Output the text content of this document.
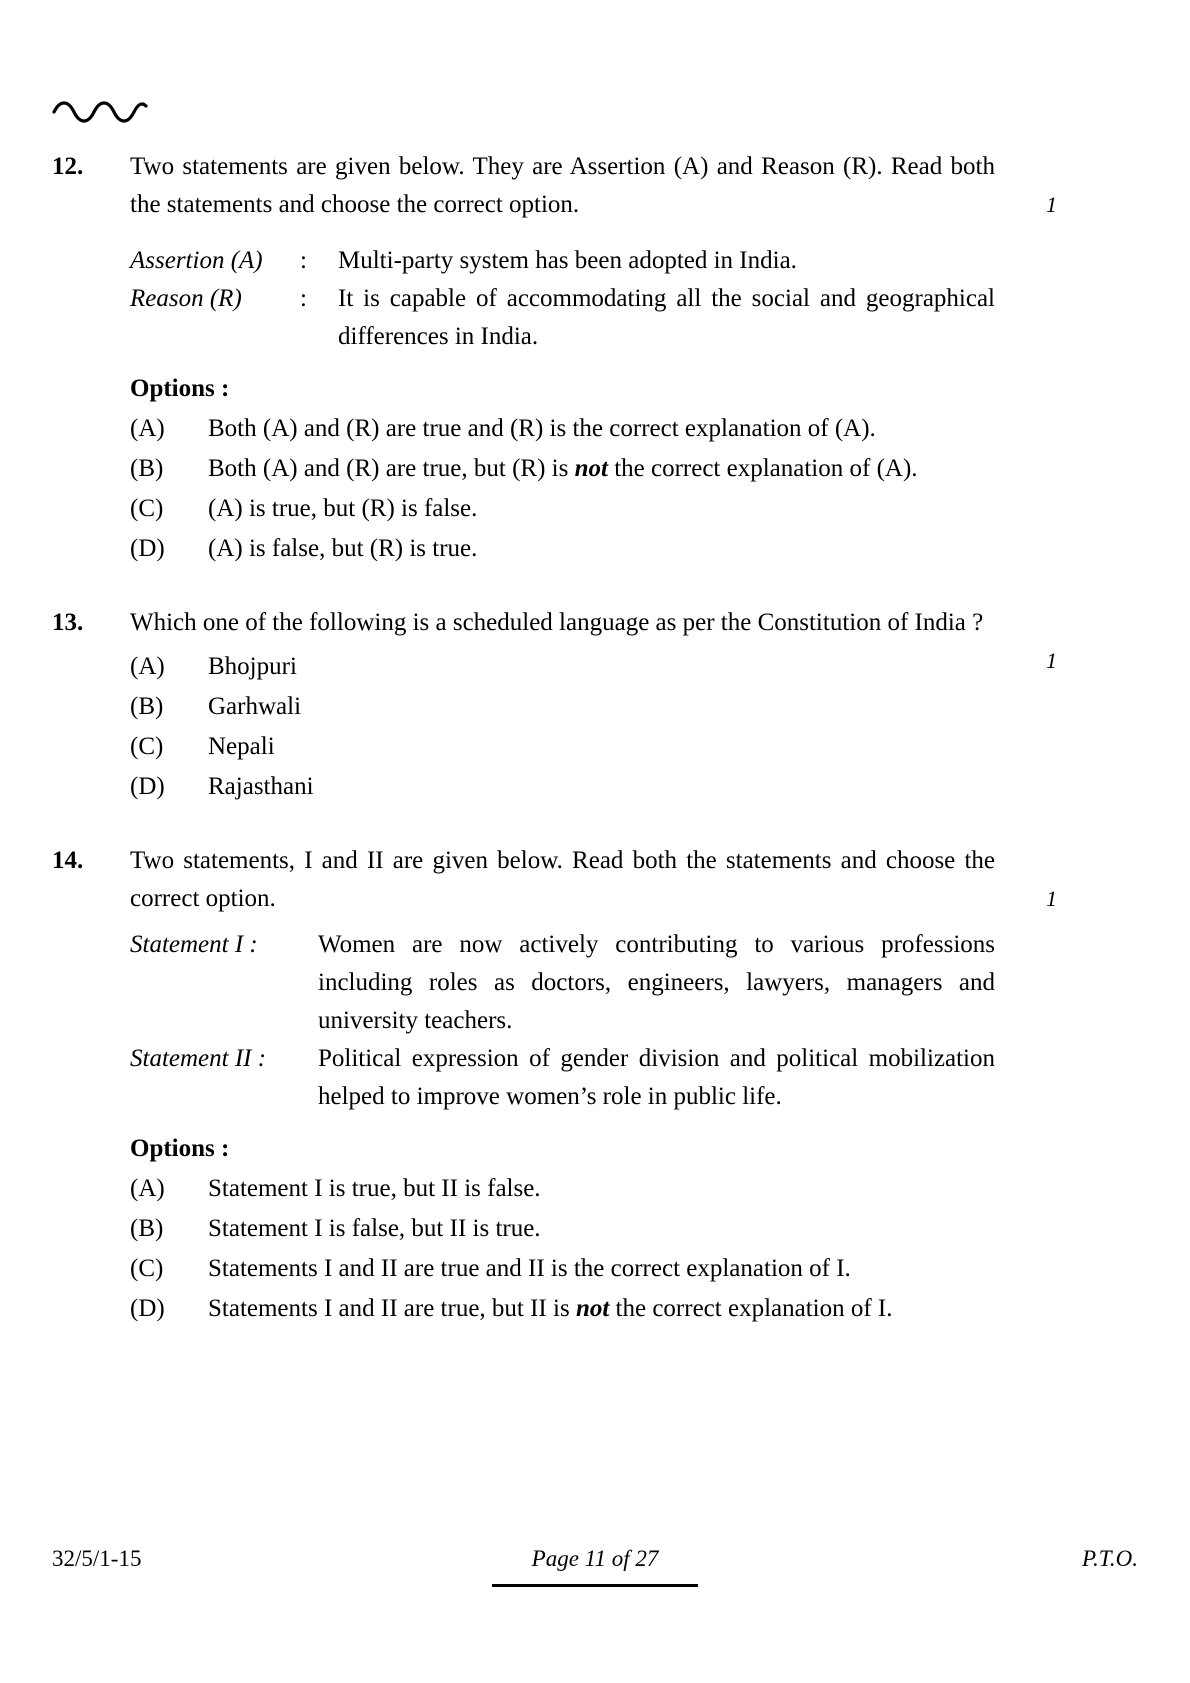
12.
1
Two statements are given below. They are Assertion (A) and Reason (R). Read both the statements and choose the correct option.
Assertion (A)	:	Multi-party system has been adopted in India.
Reason (R)	:	It is capable of accommodating all the social and geographical differences in India.
Options :
(A)	Both (A) and (R) are true and (R) is the correct explanation of (A).
(B)	Both (A) and (R) are true, but (R) is not the correct explanation of (A).
(C)	(A) is true, but (R) is false.
(D)	(A) is false, but (R) is true.
13.
1
Which one of the following is a scheduled language as per the Constitution of India ?
(A)	Bhojpuri
(B)	Garhwali
(C)	Nepali
(D)	Rajasthani
14.
1
Two statements, I and II are given below. Read both the statements and choose the correct option.
Statement I :	Women are now actively contributing to various professions including roles as doctors, engineers, lawyers, managers and university teachers.
Statement II :	Political expression of gender division and political mobilization helped to improve women’s role in public life.
Options :
(A)	Statement I is true, but II is false.
(B)	Statement I is false, but II is true.
(C)	Statements I and II are true and II is the correct explanation of I.
(D)	Statements I and II are true, but II is not the correct explanation of I.
32/5/1-15	Page 11 of 27	P.T.O.
